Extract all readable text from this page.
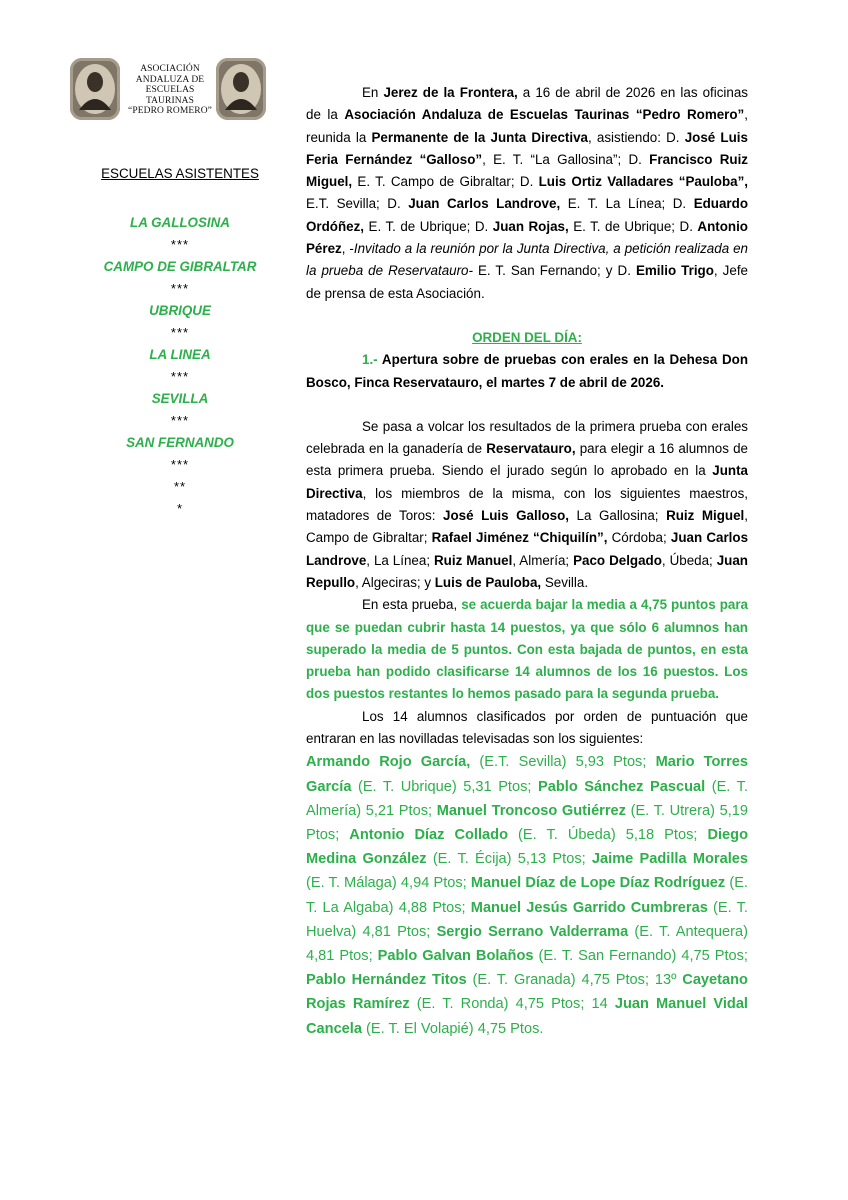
ASOCIACIÓN
ANDALUZA DE
ESCUELAS TAURINAS
“PEDRO ROMERO”
ESCUELAS ASISTENTES
LA GALLOSINA
***
CAMPO DE GIBRALTAR
***
UBRIQUE
***
LA LINEA
***
SEVILLA
***
SAN FERNANDO
***
**
*

En Jerez de la Frontera, a 16 de abril de 2026 en las oficinas de la Asociación Andaluza de Escuelas Taurinas “Pedro Romero”, reunida la Permanente de la Junta Directiva, asistiendo: D. José Luis Feria Fernández “Galloso”, E. T. “La Gallosina”; D. Francisco Ruiz Miguel, E. T. Campo de Gibraltar; D. Luis Ortiz Valladares “Pauloba”, E.T. Sevilla; D. Juan Carlos Landrove, E. T. La Línea; D. Eduardo Ordóñez, E. T. de Ubrique; D. Juan Rojas, E. T. de Ubrique; D. Antonio Pérez, -Invitado a la reunión por la Junta Directiva, a petición realizada en la prueba de Reservatauro- E. T. San Fernando; y D. Emilio Trigo, Jefe de prensa de esta Asociación.

ORDEN DEL DÍA:

1.- Apertura sobre de pruebas con erales en la Dehesa Don Bosco, Finca Reservatauro, el martes 7 de abril de 2026.

Se pasa a volcar los resultados de la primera prueba con erales celebrada en la ganadería de Reservatauro, para elegir a 16 alumnos de esta primera prueba. Siendo el jurado según lo aprobado en la Junta Directiva, los miembros de la misma, con los siguientes maestros, matadores de Toros: José Luis Galloso, La Gallosina; Ruiz Miguel, Campo de Gibraltar; Rafael Jiménez “Chiquilín”, Córdoba; Juan Carlos Landrove, La Línea; Ruiz Manuel, Almería; Paco Delgado, Úbeda; Juan Repullo, Algeciras; y Luis de Pauloba, Sevilla.

En esta prueba, se acuerda bajar la media a 4,75 puntos para que se puedan cubrir hasta 14 puestos, ya que sólo 6 alumnos han superado la media de 5 puntos. Con esta bajada de puntos, en esta prueba han podido clasificarse 14 alumnos de los 16 puestos. Los dos puestos restantes lo hemos pasado para la segunda prueba.

Los 14 alumnos clasificados por orden de puntuación que entraran en las novilladas televisadas son los siguientes:

Armando Rojo García, (E.T. Sevilla) 5,93 Ptos; Mario Torres García (E. T. Ubrique) 5,31 Ptos; Pablo Sánchez Pascual (E. T. Almería) 5,21 Ptos; Manuel Troncoso Gutiérrez (E. T. Utrera) 5,19 Ptos; Antonio Díaz Collado (E. T. Úbeda) 5,18 Ptos; Diego Medina González (E. T. Écija) 5,13 Ptos; Jaime Padilla Morales (E. T. Málaga) 4,94 Ptos; Manuel Díaz de Lope Díaz Rodríguez (E. T. La Algaba) 4,88 Ptos; Manuel Jesús Garrido Cumbreras (E. T. Huelva) 4,81 Ptos; Sergio Serrano Valderrama (E. T. Antequera) 4,81 Ptos; Pablo Galvan Bolaños (E. T. San Fernando) 4,75 Ptos; Pablo Hernández Titos (E. T. Granada) 4,75 Ptos; 13º Cayetano Rojas Ramírez (E. T. Ronda) 4,75 Ptos; 14 Juan Manuel Vidal Cancela (E. T. El Volapié) 4,75 Ptos.
